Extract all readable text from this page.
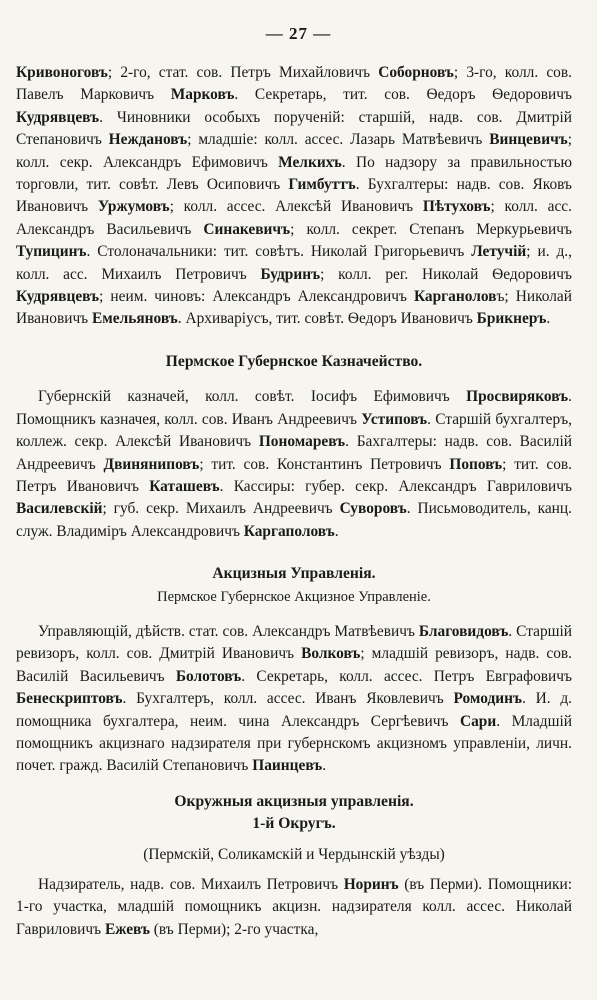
— 27 —

Кривоноговъ; 2-го, стат. сов. Петръ Михайловичъ Соборновъ; 3-го, колл. сов. Павелъ Марковичъ Марковъ. Секретарь, тит. сов. Ѳедоръ Ѳедоровичъ Кудрявцевъ. Чиновники особыхъ порученій: старшій, надв. сов. Дмитрій Степановичъ Неждановъ; младшіе: колл. ассес. Лазарь Матвѣевичъ Винцевичъ; колл. секр. Александръ Ефимовичъ Мелкихъ. По надзору за правильностью торговли, тит. совѣт. Левъ Осиповичъ Гимбуттъ. Бухгалтеры: надв. сов. Яковъ Ивановичъ Уржумовъ; колл. ассес. Алексѣй Ивановичъ Пѣтуховъ; колл. асс. Александръ Васильевичъ Синакевичъ; колл. секрет. Степанъ Меркурьевичъ Тупицинъ. Столоначальники: тит. совѣтъ. Николай Григорьевичъ Летучій; и. д., колл. асс. Михаилъ Петровичъ Будринъ; колл. рег. Николай Ѳедоровичъ Кудрявцевъ; неим. чиновъ: Александръ Александровичъ Карганоловъ; Николай Ивановичъ Емельяновъ. Архиваріусъ, тит. совѣт. Ѳедоръ Ивановичъ Брикнеръ.

Пермское Губернское Казначейство.

Губернскій казначей, колл. совѣт. Іосифъ Ефимовичъ Просвиряковъ. Помощникъ казначея, колл. сов. Иванъ Андреевичъ Устиповъ. Старшій бухгалтеръ, коллеж. секр. Алексѣй Ивановичъ Пономаревъ. Бахгалтеры: надв. сов. Василій Андреевичъ Двиняниповъ; тит. сов. Константинъ Петровичъ Поповъ; тит. сов. Петръ Ивановичъ Каташевъ. Кассиры: губер. секр. Александръ Гавриловичъ Василевскій; губ. секр. Михаилъ Андреевичъ Суворовъ. Письмоводитель, канц. служ. Владиміръ Александровичъ Каргаполовъ.

Акцизныя Управленія.

Пермское Губернское Акцизное Управленіе.

Управляющій, дѣйств. стат. сов. Александръ Матвѣевичъ Благовидовъ. Старшій ревизоръ, колл. сов. Дмитрій Ивановичъ Волковъ; младшій ревизоръ, надв. сов. Василій Васильевичъ Болотовъ. Секретарь, колл. ассес. Петръ Евграфовичъ Бенескриптовъ. Бухгалтеръ, колл. ассес. Иванъ Яковлевичъ Ромодинъ. И. д. помощника бухгалтера, неим. чина Александръ Сергѣевичъ Сари. Младшій помощникъ акцизнаго надзирателя при губернскомъ акцизномъ управленіи, личн. почет. гражд. Василій Степановичъ Паинцевъ.

Окружныя акцизныя управленія.

1-й Округъ.

(Пермскій, Соликамскій и Чердынскій уѣзды)

Надзиратель, надв. сов. Михаилъ Петровичъ Норинъ (въ Перми). Помощники: 1-го участка, младшій помощникъ акцизн. надзирателя колл. ассес. Николай Гавриловичъ Ежевъ (въ Перми); 2-го участка,
